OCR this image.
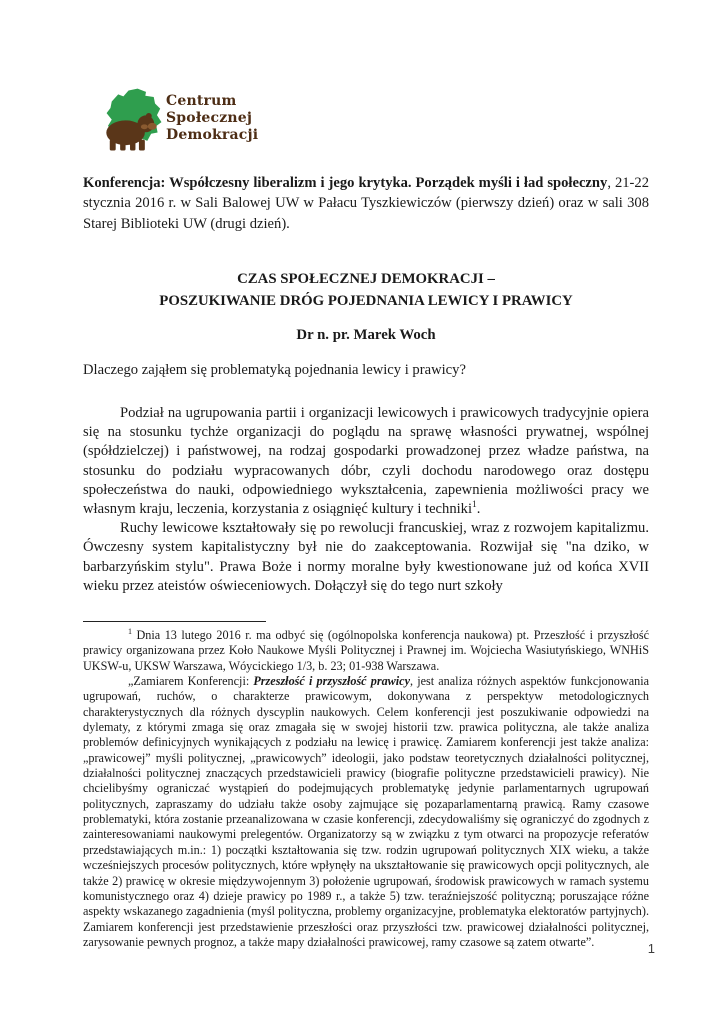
Centrum
Społecznej
Demokracji
Konferencja: Współczesny liberalizm i jego krytyka. Porządek myśli i ład społeczny, 21-22 stycznia 2016 r. w Sali Balowej UW w Pałacu Tyszkiewiczów (pierwszy dzień) oraz w sali 308 Starej Biblioteki UW (drugi dzień).
CZAS SPOŁECZNEJ DEMOKRACJI –
POSZUKIWANIE DRÓG POJEDNANIA LEWICY I PRAWICY
Dr n. pr. Marek Woch
Dlaczego zająłem się problematyką pojednania lewicy i prawicy?

Podział na ugrupowania partii i organizacji lewicowych i prawicowych tradycyjnie opiera się na stosunku tychże organizacji do poglądu na sprawę własności prywatnej, wspólnej (spółdzielczej) i państwowej, na rodzaj gospodarki prowadzonej przez władze państwa, na stosunku do podziału wypracowanych dóbr, czyli dochodu narodowego oraz dostępu społeczeństwa do nauki, odpowiedniego wykształcenia, zapewnienia możliwości pracy we własnym kraju, leczenia, korzystania z osiągnięć kultury i techniki$^1$.

Ruchy lewicowe kształtowały się po rewolucji francuskiej, wraz z rozwojem kapitalizmu. Ówczesny system kapitalistyczny był nie do zaakceptowania. Rozwijał się "na dziko, w barbarzyńskim stylu". Prawa Boże i normy moralne były kwestionowane już od końca XVII wieku przez ateistów oświeceniowych. Dołączył się do tego nurt szkoły

$^1$ Dnia 13 lutego 2016 r. ma odbyć się (ogólnopolska konferencja naukowa) pt. Przeszłość i przyszłość prawicy organizowana przez Koło Naukowe Myśli Politycznej i Prawnej im. Wojciecha Wasiutyńskiego, WNHiS UKSW-u, UKSW Warszawa, Wóycickiego 1/3, b. 23; 01-938 Warszawa.

„Zamiarem Konferencji: Przeszłość i przyszłość prawicy, jest analiza różnych aspektów funkcjonowania ugrupowań, ruchów, o charakterze prawicowym, dokonywana z perspektyw metodologicznych charakterystycznych dla różnych dyscyplin naukowych. Celem konferencji jest poszukiwanie odpowiedzi na dylematy, z którymi zmaga się oraz zmagała się w swojej historii tzw. prawica polityczna, ale także analiza problemów definicyjnych wynikających z podziału na lewicę i prawicę. Zamiarem konferencji jest także analiza: „prawicowej” myśli politycznej, „prawicowych” ideologii, jako podstaw teoretycznych działalności politycznej, działalności politycznej znaczących przedstawicieli prawicy (biografie polityczne przedstawicieli prawicy). Nie chcielibyśmy ograniczać wystąpień do podejmujących problematykę jedynie parlamentarnych ugrupowań politycznych, zapraszamy do udziału także osoby zajmujące się pozaparlamentarną prawicą. Ramy czasowe problematyki, która zostanie przeanalizowana w czasie konferencji, zdecydowaliśmy się ograniczyć do zgodnych z zainteresowaniami naukowymi prelegentów. Organizatorzy są w związku z tym otwarci na propozycje referatów przedstawiających m.in.: 1) początki kształtowania się tzw. rodzin ugrupowań politycznych XIX wieku, a także wcześniejszych procesów politycznych, które wpłynęły na ukształtowanie się prawicowych opcji politycznych, ale także 2) prawicę w okresie międzywojennym 3) położenie ugrupowań, środowisk prawicowych w ramach systemu komunistycznego oraz 4) dzieje prawicy po 1989 r., a także 5) tzw. teraźniejszość polityczną; poruszające różne aspekty wskazanego zagadnienia (myśl polityczna, problemy organizacyjne, problematyka elektoratów partyjnych). Zamiarem konferencji jest przedstawienie przeszłości oraz przyszłości tzw. prawicowej działalności politycznej, zarysowanie pewnych prognoz, a także mapy działalności prawicowej, ramy czasowe są zatem otwarte”.	1
